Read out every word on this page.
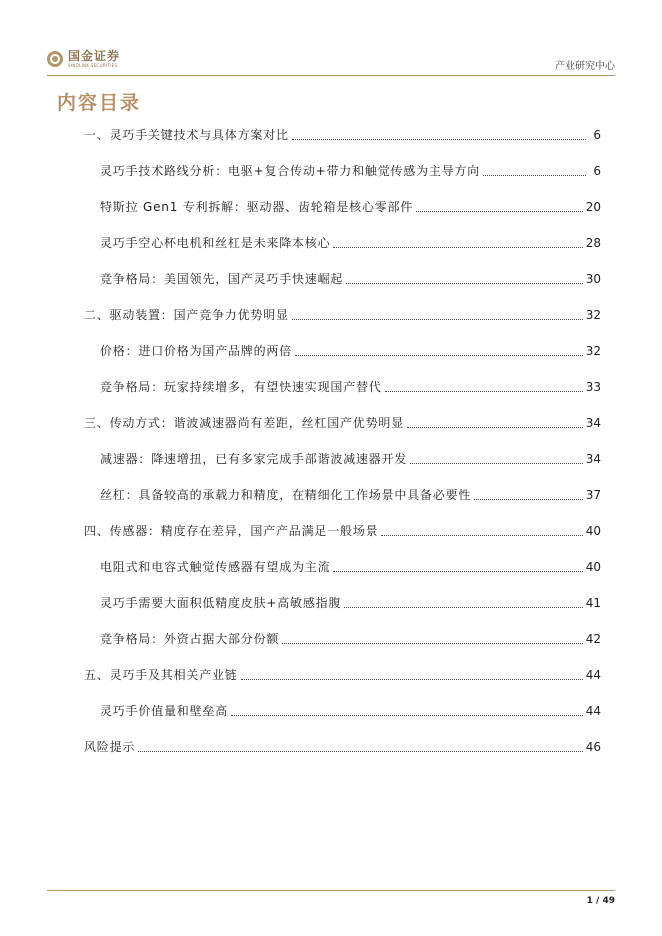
国金证券
SINOLINK SECURITIES	产业研究中心
内容目录
一、灵巧手关键技术与具体方案对比	6
灵巧手技术路线分析：电驱+复合传动+带力和触觉传感为主导方向	6
特斯拉 Gen1 专利拆解：驱动器、齿轮箱是核心零部件	20
灵巧手空心杯电机和丝杠是未来降本核心	28
竞争格局：美国领先，国产灵巧手快速崛起	30
二、驱动装置：国产竞争力优势明显	32
价格：进口价格为国产品牌的两倍	32
竞争格局：玩家持续增多，有望快速实现国产替代	33
三、传动方式：谐波减速器尚有差距，丝杠国产优势明显	34
减速器：降速增扭，已有多家完成手部谐波减速器开发	34
丝杠：具备较高的承载力和精度，在精细化工作场景中具备必要性	37
四、传感器：精度存在差异，国产产品满足一般场景	40
电阻式和电容式触觉传感器有望成为主流	40
灵巧手需要大面积低精度皮肤+高敏感指腹	41
竞争格局：外资占据大部分份额	42
五、灵巧手及其相关产业链	44
灵巧手价值量和壁垒高	44
风险提示	46
1 / 49
